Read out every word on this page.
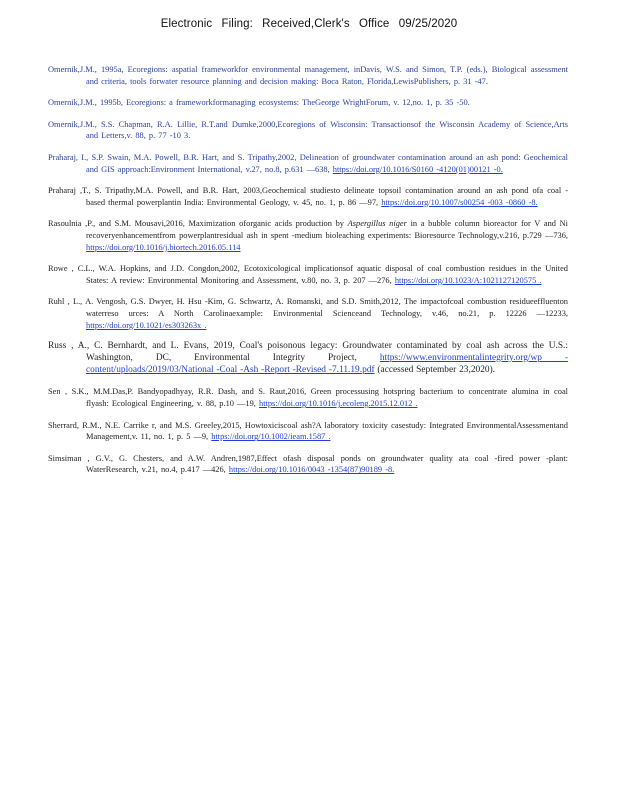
Electronic Filing: Received,Clerk's Office 09/25/2020

Omernik,J.M., 1995a, Ecoregions: aspatial frameworkfor environmental management, inDavis, W.S. and Simon, T.P. (eds.), Biological assessment and criteria, tools forwater resource planning and decision making: Boca Raton, Florida,LewisPublishers, p. 31 -47.

Omernik,J.M., 1995b, Ecoregions: a frameworkformanaging ecosystems: TheGeorge WrightForum, v. 12,no. 1, p. 35 -50.

Omernik,J.M., S.S. Chapman, R.A. Lillie, R.T.and Dumke,2000,Ecoregions of Wisconsin: Transactionsof the Wisconsin Academy of Science,Arts and Letters,v. 88, p. 77 -10 3.

Praharaj, I., S.P. Swain, M.A. Powell, B.R. Hart, and S. Tripathy,2002, Delineation of groundwater contamination around an ash pond: Geochemical and GIS approach:Environment International, v.27, no.8, p.631 —638, https://doi.org/10.1016/S0160 -4120(01)00121 -0.

Praharaj ,T., S. Tripathy,M.A. Powell, and B.R. Hart, 2003,Geochemical studiesto delineate topsoil contamination around an ash pond ofa coal -based thermal powerplantin India: Environmental Geology, v. 45, no. 1, p. 86 —97, https://doi.org/10.1007/s00254 -003 -0860 -8.

Rasoulnia ,P., and S.M. Mousavi,2016, Maximization oforganic acids production by Aspergillus niger in a bubble column bioreactor for V and Ni recoveryenhancementfrom powerplantresidual ash in spent -medium bioleaching experiments: Bioresource Technology,v.216, p.729 —736, https://doi.org/10.1016/j.biortech.2016.05.114

Rowe , C.L., W.A. Hopkins, and J.D. Congdon,2002, Ecotoxicological implicationsof aquatic disposal of coal combustion residues in the United States: A review: Environmental Monitoring and Assessment, v.80, no. 3, p. 207 —276, https://doi.org/10.1023/A:1021127120575 .

Ruhl , L., A. Vengosh, G.S. Dwyer, H. Hsu -Kim, G. Schwartz, A. Romanski, and S.D. Smith,2012, The impactofcoal combustion residueeffluenton waterreso urces: A North Carolinaexample: Environmental Scienceand Technology, v.46, no.21, p. 12226 —12233, https://doi.org/10.1021/es303263x .

Russ , A., C. Bernhardt, and L. Evans, 2019, Coal's poisonous legacy: Groundwater contaminated by coal ash across the U.S.: Washington, DC, Environmental Integrity Project, https://www.environmentalintegrity.org/wp -content/uploads/2019/03/National -Coal -Ash -Report -Revised -7.11.19.pdf (accessed September 23,2020).

Sen , S.K., M.M.Das,P. Bandyopadhyay, R.R. Dash, and S. Raut,2016, Green processusing hotspring bacterium to concentrate alumina in coal flyash: Ecological Engineering, v. 88, p.10 —19, https://doi.org/10.1016/j.ecoleng.2015.12.012 .

Sherrard, R.M., N.E. Carrike r, and M.S. Greeley,2015, Howtoxiciscoal ash?A laboratory toxicity casestudy: Integrated EnvironmentalAssessmentand Management,v. 11, no. 1, p. 5 —9, https://doi.org/10.1002/ieam.1587 .

Simsiman , G.V., G. Chesters, and A.W. Andren,1987,Effect ofash disposal ponds on groundwater quality ata coal -fired power -plant: WaterResearch, v.21, no.4, p.417 —426, https://doi.org/10.1016/0043 -1354(87)90189 -8.
